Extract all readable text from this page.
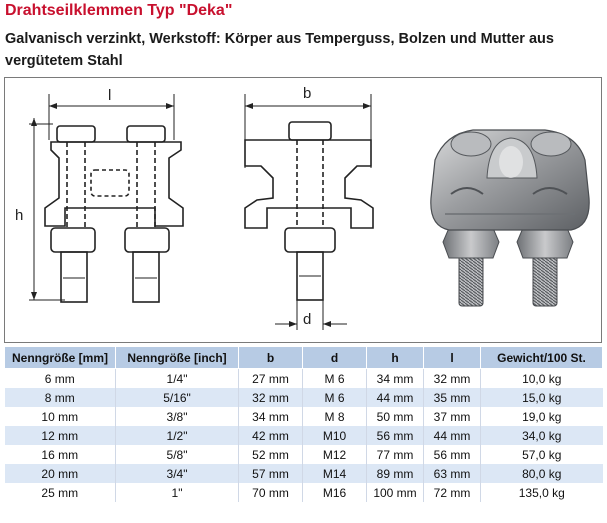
Drahtseilklemmen Typ "Deka"

Galvanisch verzinkt, Werkstoff: Körper aus Temperguss, Bolzen und Mutter aus vergütetem Stahl

l
h
b
d
Nenngröße [mm]	Nenngröße [inch]	b	d	h	l	Gewicht/100 St.
6 mm	1/4"	27 mm	M 6	34 mm	32 mm	10,0 kg
8 mm	5/16"	32 mm	M 6	44 mm	35 mm	15,0 kg
10 mm	3/8"	34 mm	M 8	50 mm	37 mm	19,0 kg
12 mm	1/2"	42 mm	M10	56 mm	44 mm	34,0 kg
16 mm	5/8"	52 mm	M12	77 mm	56 mm	57,0 kg
20 mm	3/4"	57 mm	M14	89 mm	63 mm	80,0 kg
25 mm	1"	70 mm	M16	100 mm	72 mm	135,0 kg
